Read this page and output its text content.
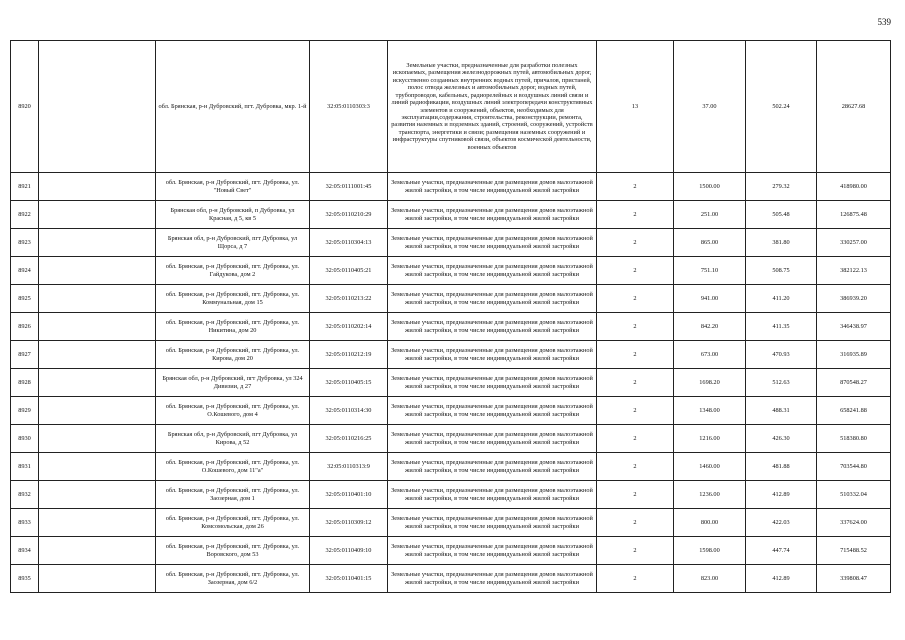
539
8920		обл. Брянская, р-н Дубровский, пгт. Дубровка, мкр. 1-й	32:05:0110303:3	Земельные участки, предназначенные для разработки полезных ископаемых, размещения железнодорожных путей, автомобильных дорог, искусственно созданных внутренних водных путей, причалов, пристаней, полос отвода железных и автомобильных дорог, водных путей, трубопроводов, кабельных, радиорелейных и воздушных линий связи и линий радиофикации, воздушных линий электропередачи конструктивных элементов и сооружений, объектов, необходимых для эксплуатации,содержания, строительства, реконструкции, ремонта, развития наземных и подземных зданий, строений, сооружений, устройств транспорта, энергетики и связи; размещения наземных сооружений и инфраструктуры спутниковой связи, объектов космической деятельности, военных объектов	13	37.00	502.24	28627.68
8921		обл. Брянская, р-н Дубровский, пгт. Дубровка, ул. "Новый Свет"	32:05:0111001:45	Земельные участки, предназначенные для размещения домов малоэтажной жилой застройки, в том числе индивидуальной жилой застройки	2	1500.00	279.32	418980.00
8922		Брянская обл, р-н Дубровский, п Дубровка, ул Красная, д 5, кв 5	32:05:0110210:29	Земельные участки, предназначенные для размещения домов малоэтажной жилой застройки, в том числе индивидуальной жилой застройки	2	251.00	505.48	126875.48
8923		Брянская обл, р-н Дубровский, пгт Дубровка, ул Щорса, д 7	32:05:0110304:13	Земельные участки, предназначенные для размещения домов малоэтажной жилой застройки, в том числе индивидуальной жилой застройки	2	865.00	381.80	330257.00
8924		обл. Брянская, р-н Дубровский, пгт. Дубровка, ул. Гайдукова, дом 2	32:05:0110405:21	Земельные участки, предназначенные для размещения домов малоэтажной жилой застройки, в том числе индивидуальной жилой застройки	2	751.10	508.75	382122.13
8925		обл. Брянская, р-н Дубровский, пгт. Дубровка, ул. Коммунальная, дом 15	32:05:0110213:22	Земельные участки, предназначенные для размещения домов малоэтажной жилой застройки, в том числе индивидуальной жилой застройки	2	941.00	411.20	386939.20
8926		обл. Брянская, р-н Дубровский, пгт. Дубровка, ул. Никитина, дом 20	32:05:0110202:14	Земельные участки, предназначенные для размещения домов малоэтажной жилой застройки, в том числе индивидуальной жилой застройки	2	842.20	411.35	346438.97
8927		обл. Брянская, р-н Дубровский, пгт. Дубровка, ул. Кирова, дом 20	32:05:0110212:19	Земельные участки, предназначенные для размещения домов малоэтажной жилой застройки, в том числе индивидуальной жилой застройки	2	673.00	470.93	316935.89
8928		Брянская обл, р-н Дубровский, пгт Дубровка, ул 324 Дивизии, д 27	32:05:0110405:15	Земельные участки, предназначенные для размещения домов малоэтажной жилой застройки, в том числе индивидуальной жилой застройки	2	1698.20	512.63	870548.27
8929		обл. Брянская, р-н Дубровский, пгт. Дубровка, ул. О.Кошевого, дом 4	32:05:0110314:30	Земельные участки, предназначенные для размещения домов малоэтажной жилой застройки, в том числе индивидуальной жилой застройки	2	1348.00	488.31	658241.88
8930		Брянская обл, р-н Дубровский, пгт Дубровка, ул Кирова, д 52	32:05:0110216:25	Земельные участки, предназначенные для размещения домов малоэтажной жилой застройки, в том числе индивидуальной жилой застройки	2	1216.00	426.30	518380.80
8931		обл. Брянская, р-н Дубровский, пгт. Дубровка, ул. О.Кошевого, дом 11"а"	32:05:0110313:9	Земельные участки, предназначенные для размещения домов малоэтажной жилой застройки, в том числе индивидуальной жилой застройки	2	1460.00	481.88	703544.80
8932		обл. Брянская, р-н Дубровский, пгт. Дубровка, ул. Заозерная, дом 1	32:05:0110401:10	Земельные участки, предназначенные для размещения домов малоэтажной жилой застройки, в том числе индивидуальной жилой застройки	2	1236.00	412.89	510332.04
8933		обл. Брянская, р-н Дубровский, пгт. Дубровка, ул. Комсомольская, дом 26	32:05:0110309:12	Земельные участки, предназначенные для размещения домов малоэтажной жилой застройки, в том числе индивидуальной жилой застройки	2	800.00	422.03	337624.00
8934		обл. Брянская, р-н Дубровский, пгт. Дубровка, ул. Воровского, дом 53	32:05:0110409:10	Земельные участки, предназначенные для размещения домов малоэтажной жилой застройки, в том числе индивидуальной жилой застройки	2	1598.00	447.74	715488.52
8935		обл. Брянская, р-н Дубровский, пгт. Дубровка, ул. Заозерная, дом 6/2	32:05:0110401:15	Земельные участки, предназначенные для размещения домов малоэтажной жилой застройки, в том числе индивидуальной жилой застройки	2	823.00	412.89	339808.47
